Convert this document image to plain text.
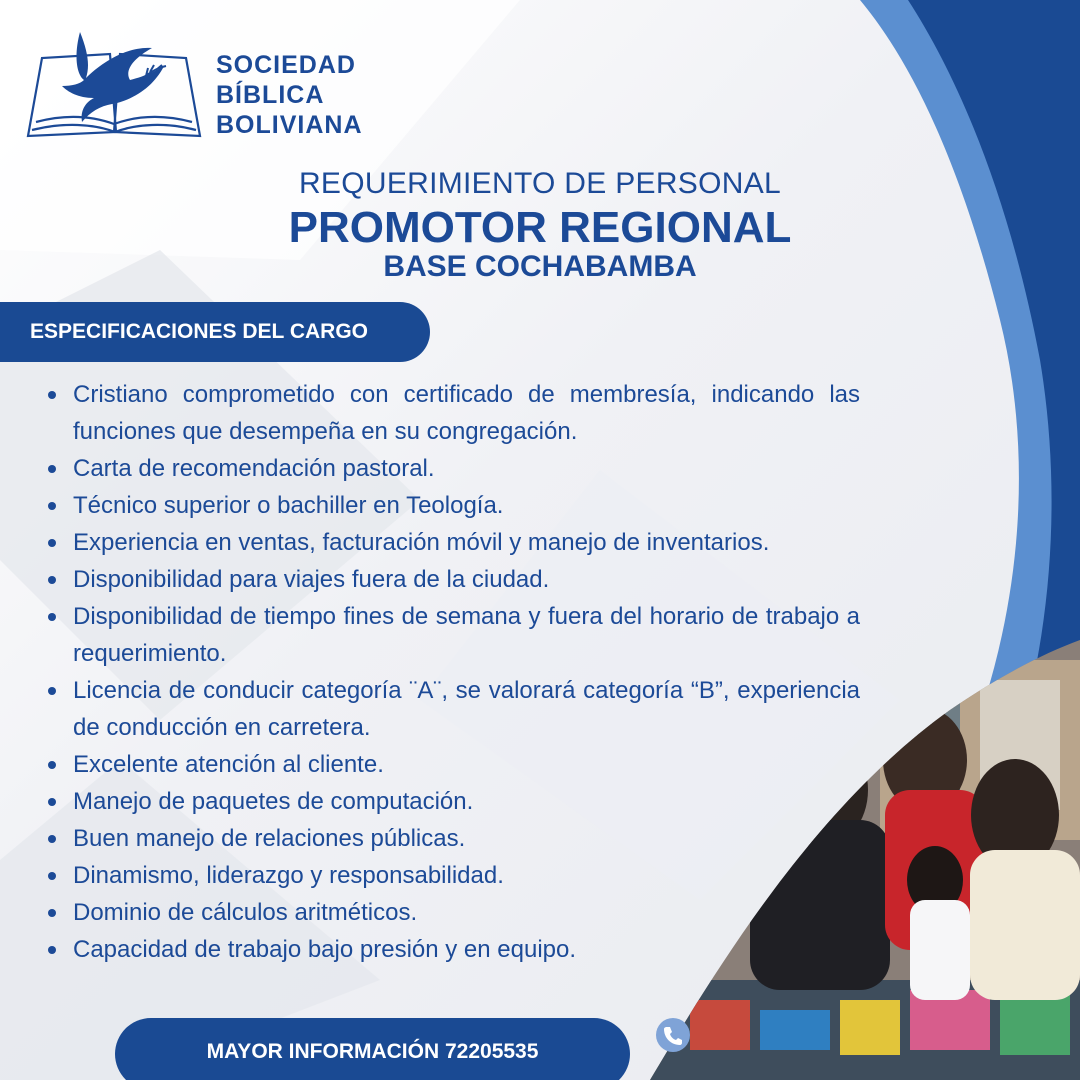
SOCIEDAD
BÍBLICA
BOLIVIANA
REQUERIMIENTO DE PERSONAL
PROMOTOR REGIONAL
BASE COCHABAMBA
ESPECIFICACIONES DEL CARGO
Cristiano comprometido con certificado de membresía, indicando las funciones que desempeña en su congregación.
Carta de recomendación pastoral.
Técnico superior o bachiller en Teología.
Experiencia en ventas, facturación móvil y manejo de inventarios.
Disponibilidad para viajes fuera de la ciudad.
Disponibilidad de tiempo fines de semana y fuera del horario de trabajo a requerimiento.
Licencia de conducir categoría ¨A¨, se valorará categoría “B”, experiencia de conducción en carretera.
Excelente atención al cliente.
Manejo de paquetes de computación.
Buen manejo de relaciones públicas.
Dinamismo, liderazgo y responsabilidad.
Dominio de cálculos aritméticos.
Capacidad de trabajo bajo presión y en equipo.
MAYOR INFORMACIÓN 72205535
